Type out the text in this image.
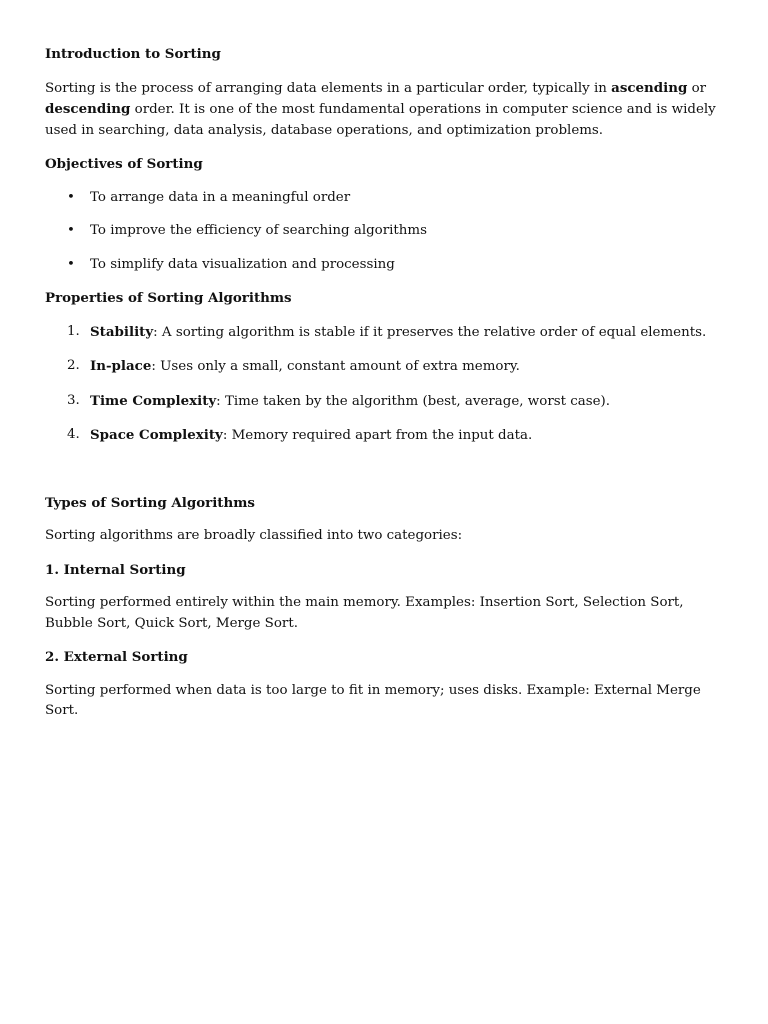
Introduction to Sorting

Sorting is the process of arranging data elements in a particular order, typically in ascending or descending order. It is one of the most fundamental operations in computer science and is widely used in searching, data analysis, database operations, and optimization problems.

Objectives of Sorting

• To arrange data in a meaningful order
• To improve the efficiency of searching algorithms
• To simplify data visualization and processing

Properties of Sorting Algorithms

1. Stability: A sorting algorithm is stable if it preserves the relative order of equal elements.
2. In-place: Uses only a small, constant amount of extra memory.
3. Time Complexity: Time taken by the algorithm (best, average, worst case).
4. Space Complexity: Memory required apart from the input data.

Types of Sorting Algorithms

Sorting algorithms are broadly classified into two categories:

1. Internal Sorting

Sorting performed entirely within the main memory. Examples: Insertion Sort, Selection Sort, Bubble Sort, Quick Sort, Merge Sort.

2. External Sorting

Sorting performed when data is too large to fit in memory; uses disks. Example: External Merge Sort.
